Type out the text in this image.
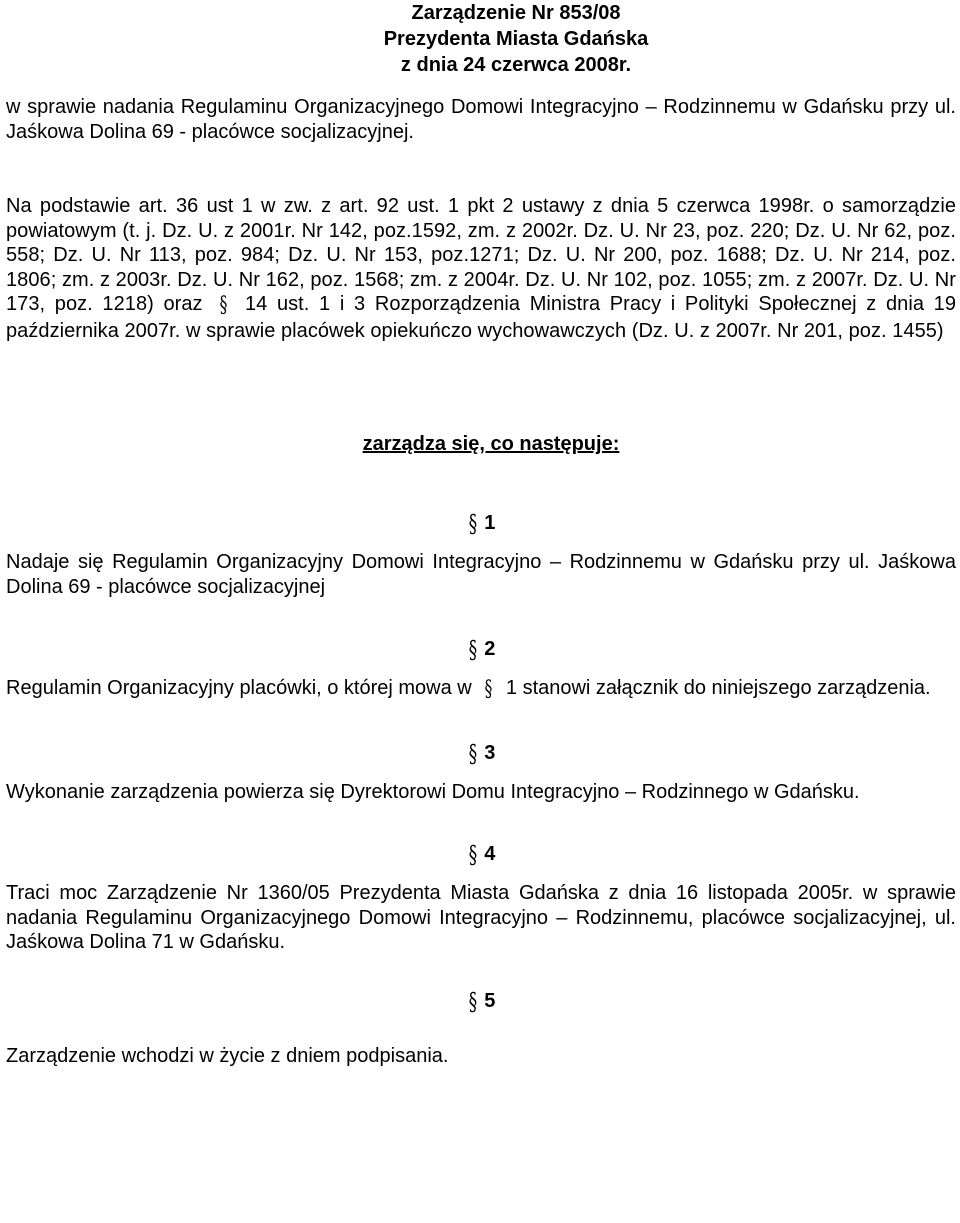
Zarządzenie Nr 853/08
Prezydenta Miasta Gdańska
z dnia 24 czerwca 2008r.

w sprawie nadania Regulaminu Organizacyjnego Domowi Integracyjno – Rodzinnemu w Gdańsku przy ul. Jaśkowa Dolina 69 - placówce socjalizacyjnej.

Na podstawie art. 36 ust 1 w zw. z art. 92 ust. 1 pkt 2 ustawy z dnia 5 czerwca 1998r. o samorządzie powiatowym (t. j. Dz. U. z 2001r. Nr 142, poz.1592, zm. z 2002r. Dz. U. Nr 23, poz. 220; Dz. U. Nr 62, poz. 558; Dz. U. Nr 113, poz. 984; Dz. U. Nr 153, poz.1271; Dz. U. Nr 200, poz. 1688; Dz. U. Nr 214, poz. 1806; zm. z 2003r. Dz. U. Nr 162, poz. 1568; zm. z 2004r. Dz. U. Nr 102, poz. 1055; zm. z 2007r. Dz. U. Nr 173, poz. 1218) oraz § 14 ust. 1 i 3 Rozporządzenia Ministra Pracy i Polityki Społecznej z dnia 19 października 2007r. w sprawie placówek opiekuńczo wychowawczych (Dz. U. z 2007r. Nr 201, poz. 1455)

zarządza się, co następuje:
§ 1

Nadaje się Regulamin Organizacyjny Domowi Integracyjno – Rodzinnemu w Gdańsku przy ul. Jaśkowa Dolina 69 - placówce socjalizacyjnej

§ 2

Regulamin Organizacyjny placówki, o której mowa w § 1 stanowi załącznik do niniejszego zarządzenia.

§ 3

Wykonanie zarządzenia powierza się Dyrektorowi Domu Integracyjno – Rodzinnego w Gdańsku.

§ 4

Traci moc Zarządzenie Nr 1360/05 Prezydenta Miasta Gdańska z dnia 16 listopada 2005r. w sprawie nadania Regulaminu Organizacyjnego Domowi Integracyjno – Rodzinnemu, placówce socjalizacyjnej, ul. Jaśkowa Dolina 71 w Gdańsku.

§ 5

Zarządzenie wchodzi w życie z dniem podpisania.
